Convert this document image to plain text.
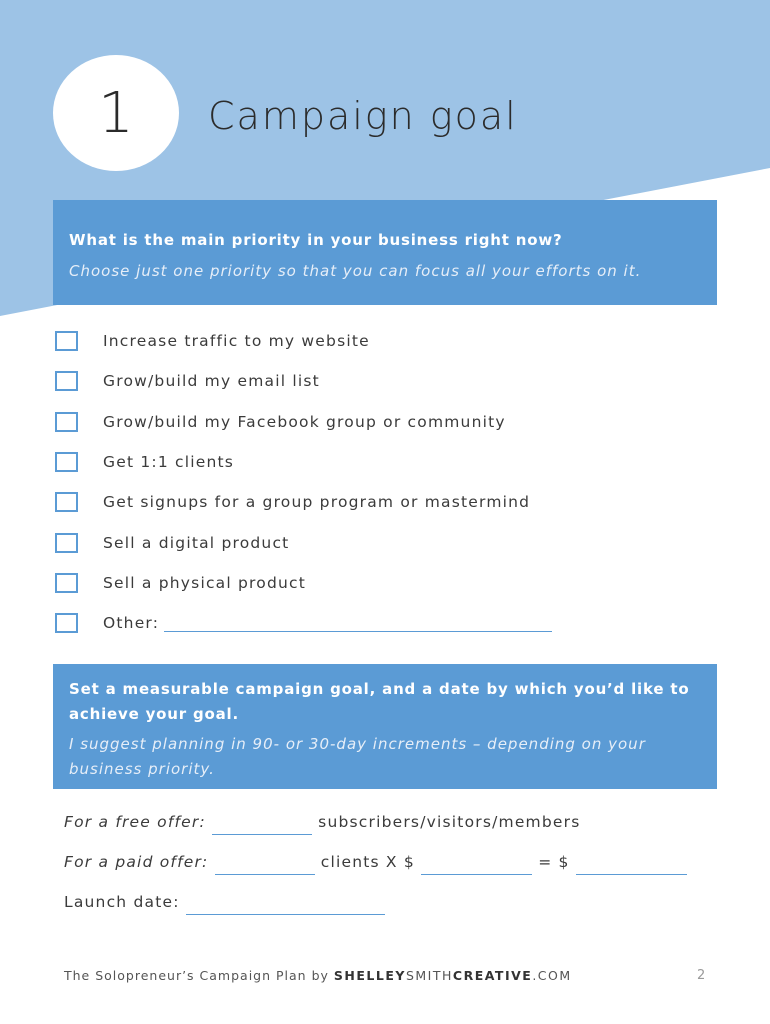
1 Campaign goal

What is the main priority in your business right now?

Choose just one priority so that you can focus all your efforts on it.

Increase traffic to my website
Grow/build my email list
Grow/build my Facebook group or community
Get 1:1 clients
Get signups for a group program or mastermind
Sell a digital product
Sell a physical product
Other:

Set a measurable campaign goal, and a date by which you’d like to achieve your goal.

I suggest planning in 90- or 30-day increments – depending on your business priority.

For a free offer:	subscribers/visitors/members
For a paid offer:	clients X $	= $
Launch date:
The Solopreneur’s Campaign Plan by SHELLEYSMITHCREATIVE.COM	2
